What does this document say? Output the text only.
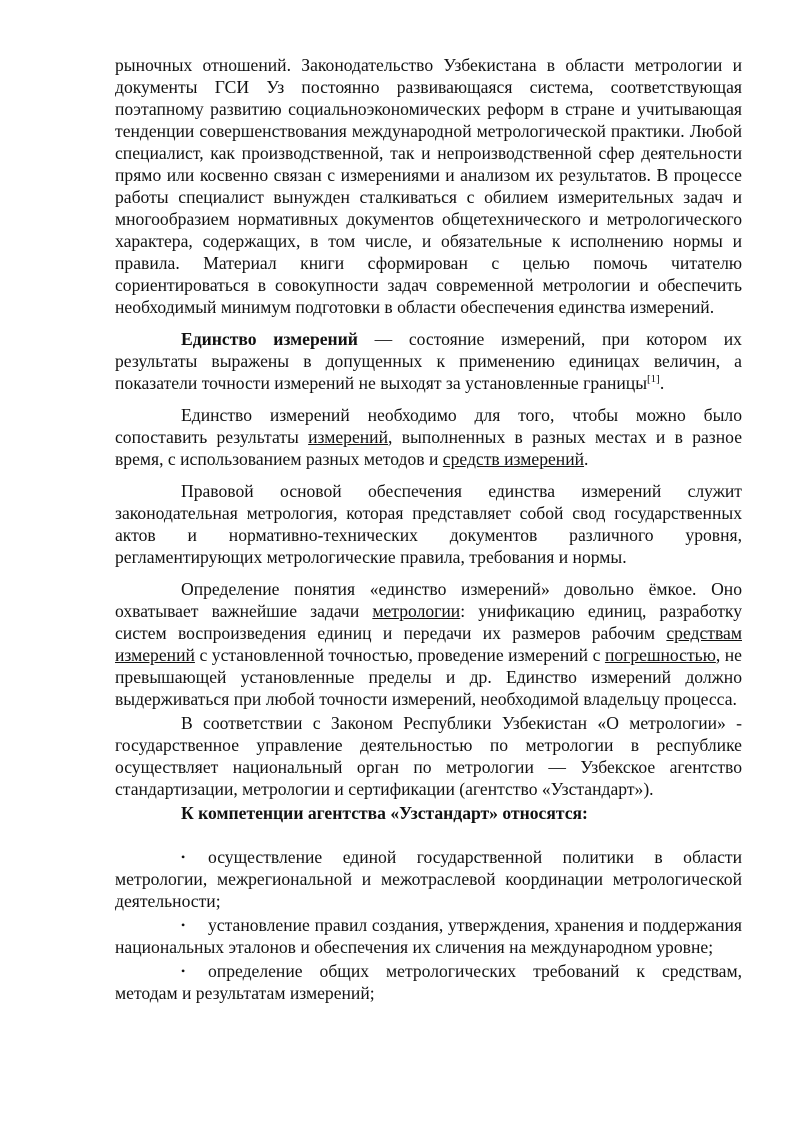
рыночных отношений. Законодательство Узбекистана в области метрологии и документы ГСИ Уз постоянно развивающаяся система, соответствующая поэтапному развитию социальноэкономических реформ в стране и учитывающая тенденции совершенствования международной метрологической практики. Любой специалист, как производственной, так и непроизводственной сфер деятельности прямо или косвенно связан с измерениями и анализом их результатов. В процессе работы специалист вынужден сталкиваться с обилием измерительных задач и многообразием нормативных документов общетехнического и метрологического характера, содержащих, в том числе, и обязательные к исполнению нормы и правила. Материал книги сформирован с целью помочь читателю сориентироваться в совокупности задач современной метрологии и обеспечить необходимый минимум подготовки в области обеспечения единства измерений.

Единство измерений — состояние измерений, при котором их результаты выражены в допущенных к применению единицах величин, а показатели точности измерений не выходят за установленные границы[1].

Единство измерений необходимо для того, чтобы можно было сопоставить результаты измерений, выполненных в разных местах и в разное время, с использованием разных методов и средств измерений.

Правовой основой обеспечения единства измерений служит законодательная метрология, которая представляет собой свод государственных актов и нормативно-технических документов различного уровня, регламентирующих метрологические правила, требования и нормы.

Определение понятия «единство измерений» довольно ёмкое. Оно охватывает важнейшие задачи метрологии: унификацию единиц, разработку систем воспроизведения единиц и передачи их размеров рабочим средствам измерений с установленной точностью, проведение измерений с погрешностью, не превышающей установленные пределы и др. Единство измерений должно выдерживаться при любой точности измерений, необходимой владельцу процесса.

В соответствии с Законом Республики Узбекистан «О метрологии» - государственное управление деятельностью по метрологии в республике осуществляет национальный орган по метрологии — Узбекское агентство стандартизации, метрологии и сертификации (агентство «Узстандарт»).

К компетенции агентства «Узстандарт» относятся:

• осуществление единой государственной политики в области метрологии, межрегиональной и межотраслевой координации метрологической деятельности;
• установление правил создания, утверждения, хранения и поддержания национальных эталонов и обеспечения их сличения на международном уровне;
• определение общих метрологических требований к средствам, методам и результатам измерений;
